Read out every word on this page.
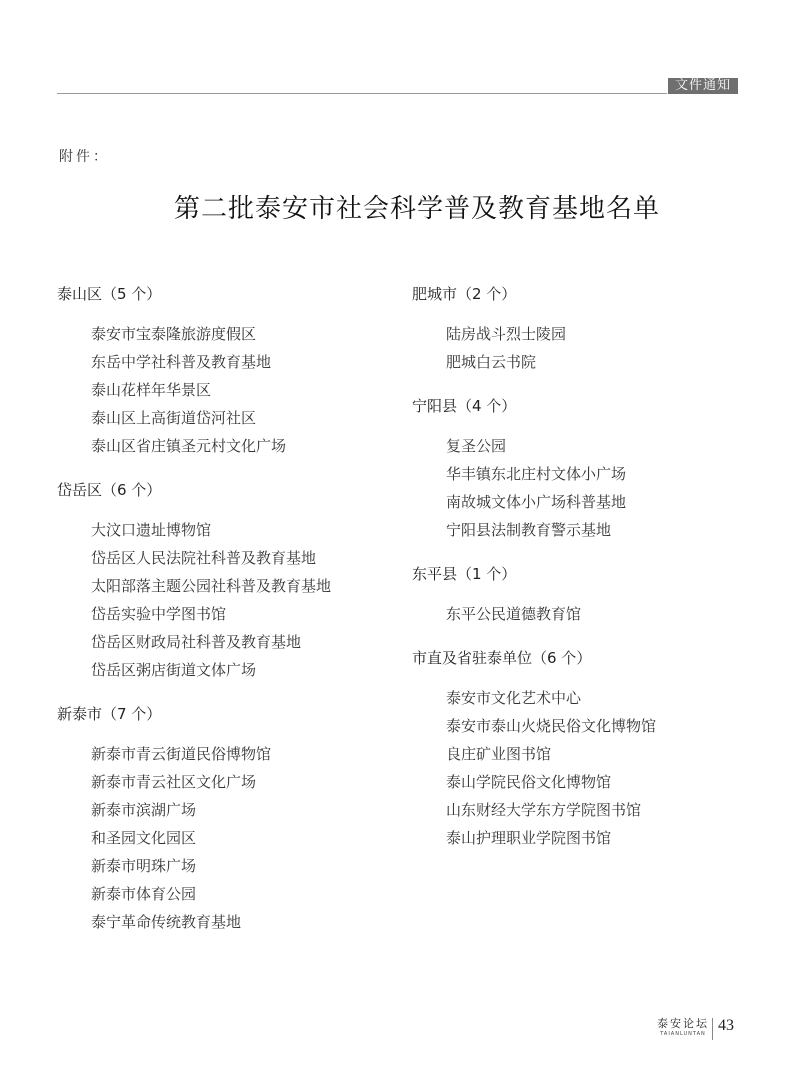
文件通知
附件：
第二批泰安市社会科学普及教育基地名单
泰山区（5 个）
泰安市宝泰隆旅游度假区
东岳中学社科普及教育基地
泰山花样年华景区
泰山区上高街道岱河社区
泰山区省庄镇圣元村文化广场
岱岳区（6 个）
大汶口遗址博物馆
岱岳区人民法院社科普及教育基地
太阳部落主题公园社科普及教育基地
岱岳实验中学图书馆
岱岳区财政局社科普及教育基地
岱岳区粥店街道文体广场
新泰市（7 个）
新泰市青云街道民俗博物馆
新泰市青云社区文化广场
新泰市滨湖广场
和圣园文化园区
新泰市明珠广场
新泰市体育公园
泰宁革命传统教育基地
肥城市（2 个）
陆房战斗烈士陵园
肥城白云书院
宁阳县（4 个）
复圣公园
华丰镇东北庄村文体小广场
南故城文体小广场科普基地
宁阳县法制教育警示基地
东平县（1 个）
东平公民道德教育馆
市直及省驻泰单位（6 个）
泰安市文化艺术中心
泰安市泰山火烧民俗文化博物馆
良庄矿业图书馆
泰山学院民俗文化博物馆
山东财经大学东方学院图书馆
泰山护理职业学院图书馆
泰安论坛
TAIANLUNTAN 43
